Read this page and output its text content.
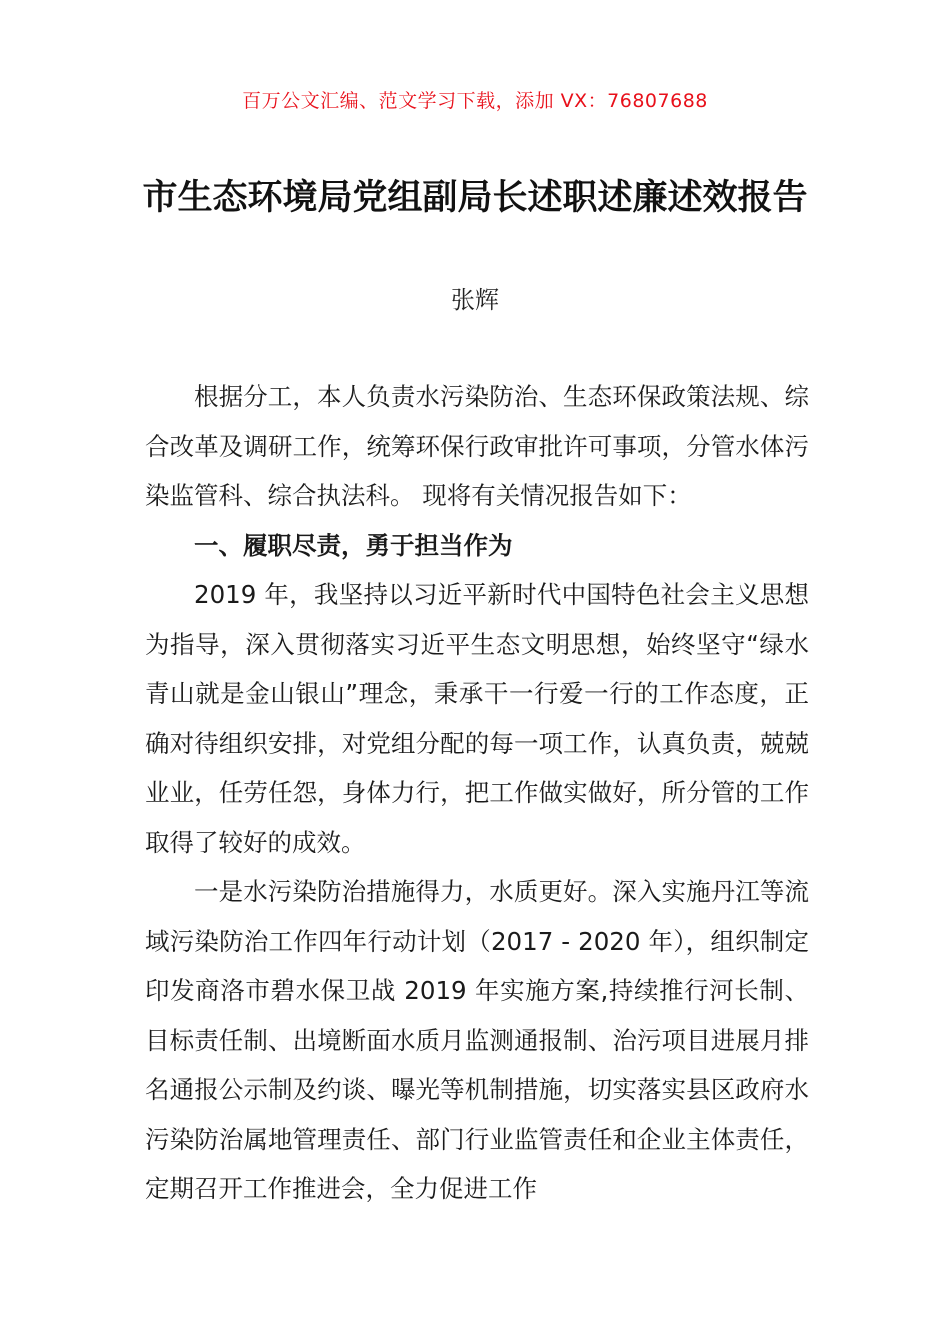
百万公文汇编、范文学习下载，添加 VX：76807688
市生态环境局党组副局长述职述廉述效报告
张辉

根据分工，本人负责水污染防治、生态环保政策法规、综合改革及调研工作，统筹环保行政审批许可事项，分管水体污染监管科、综合执法科。 现将有关情况报告如下：

一、履职尽责，勇于担当作为

2019 年，我坚持以习近平新时代中国特色社会主义思想为指导，深入贯彻落实习近平生态文明思想，始终坚守“绿水青山就是金山银山”理念，秉承干一行爱一行的工作态度，正确对待组织安排，对党组分配的每一项工作，认真负责，兢兢业业，任劳任怨，身体力行，把工作做实做好，所分管的工作取得了较好的成效。

一是水污染防治措施得力，水质更好。深入实施丹江等流域污染防治工作四年行动计划（2017 - 2020 年），组织制定印发商洛市碧水保卫战 2019 年实施方案,持续推行河长制、目标责任制、出境断面水质月监测通报制、治污项目进展月排名通报公示制及约谈、曝光等机制措施，切实落实县区政府水污染防治属地管理责任、部门行业监管责任和企业主体责任，定期召开工作推进会，全力促进工作
